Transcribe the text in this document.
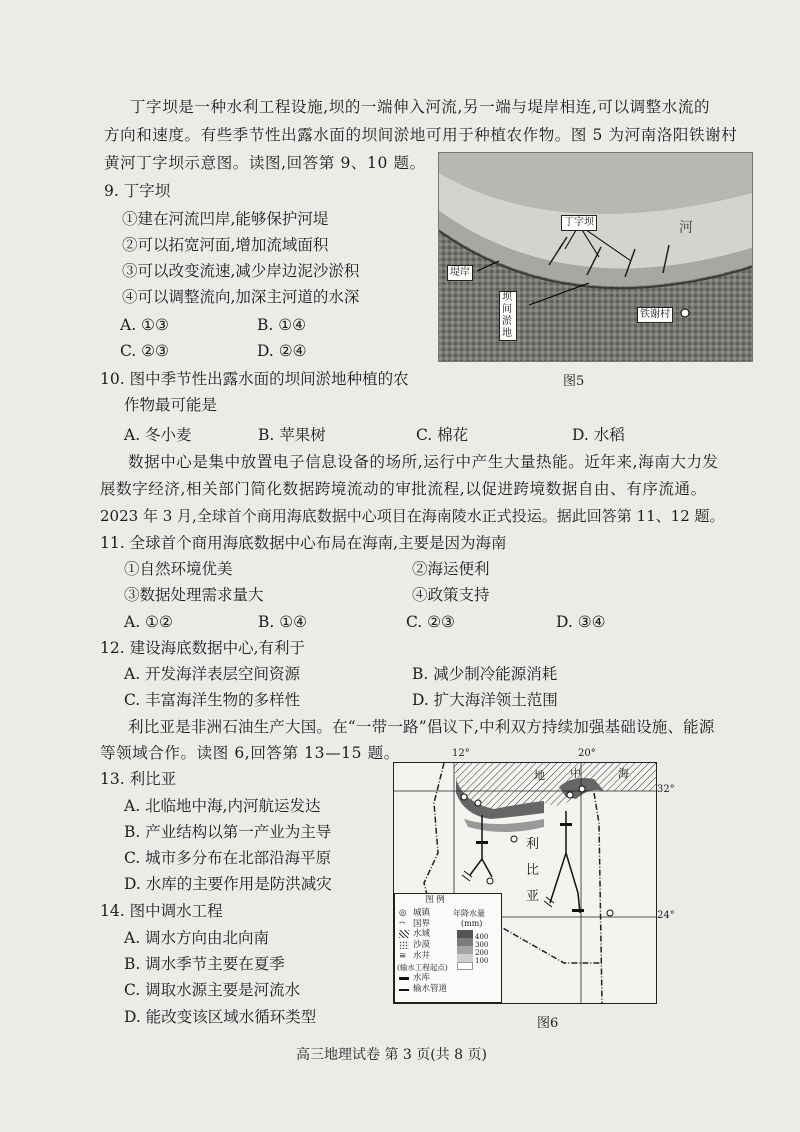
丁字坝是一种水利工程设施,坝的一端伸入河流,另一端与堤岸相连,可以调整水流的
方向和速度。有些季节性出露水面的坝间淤地可用于种植农作物。图 5 为河南洛阳铁谢村
黄河丁字坝示意图。读图,回答第 9、10 题。
9. 丁字坝
①建在河流凹岸,能够保护河堤
②可以拓宽河面,增加流域面积
③可以改变流速,减少岸边泥沙淤积
④可以调整流向,加深主河道的水深
A. ①③	B. ①④
C. ②③	D. ②④
丁字坝	河
堤岸
坝间淤地
铁谢村
图5
10. 图中季节性出露水面的坝间淤地种植的农
作物最可能是
A. 冬小麦	B. 苹果树	C. 棉花	D. 水稻
数据中心是集中放置电子信息设备的场所,运行中产生大量热能。近年来,海南大力发
展数字经济,相关部门简化数据跨境流动的审批流程,以促进跨境数据自由、有序流通。
2023 年 3 月,全球首个商用海底数据中心项目在海南陵水正式投运。据此回答第 11、12 题。
11. 全球首个商用海底数据中心布局在海南,主要是因为海南
①自然环境优美	②海运便利
③数据处理需求量大	④政策支持
A. ①②	B. ①④	C. ②③	D. ③④
12. 建设海底数据中心,有利于
A. 开发海洋表层空间资源	B. 减少制冷能源消耗
C. 丰富海洋生物的多样性	D. 扩大海洋领土范围
利比亚是非洲石油生产大国。在“一带一路”倡议下,中利双方持续加强基础设施、能源
等领域合作。读图 6,回答第 13—15 题。
13. 利比亚
A. 北临地中海,内河航运发达
B. 产业结构以第一产业为主导
C. 城市多分布在北部沿海平原
D. 水库的主要作用是防洪减灾
14. 图中调水工程
A. 调水方向由北向南
B. 调水季节主要在夏季
C. 调取水源主要是河流水
D. 能改变该区域水循环类型
12°	20°
32°
24°
地 中	海
利
比
亚
图 例
◎ 城镇
-·- 国界
水域
沙漠
≡ 水井
(输水工程起点)
水库
输水管道
年降水量
(mm)
400
300
200
100
图6
高三地理试卷 第 3 页(共 8 页)
